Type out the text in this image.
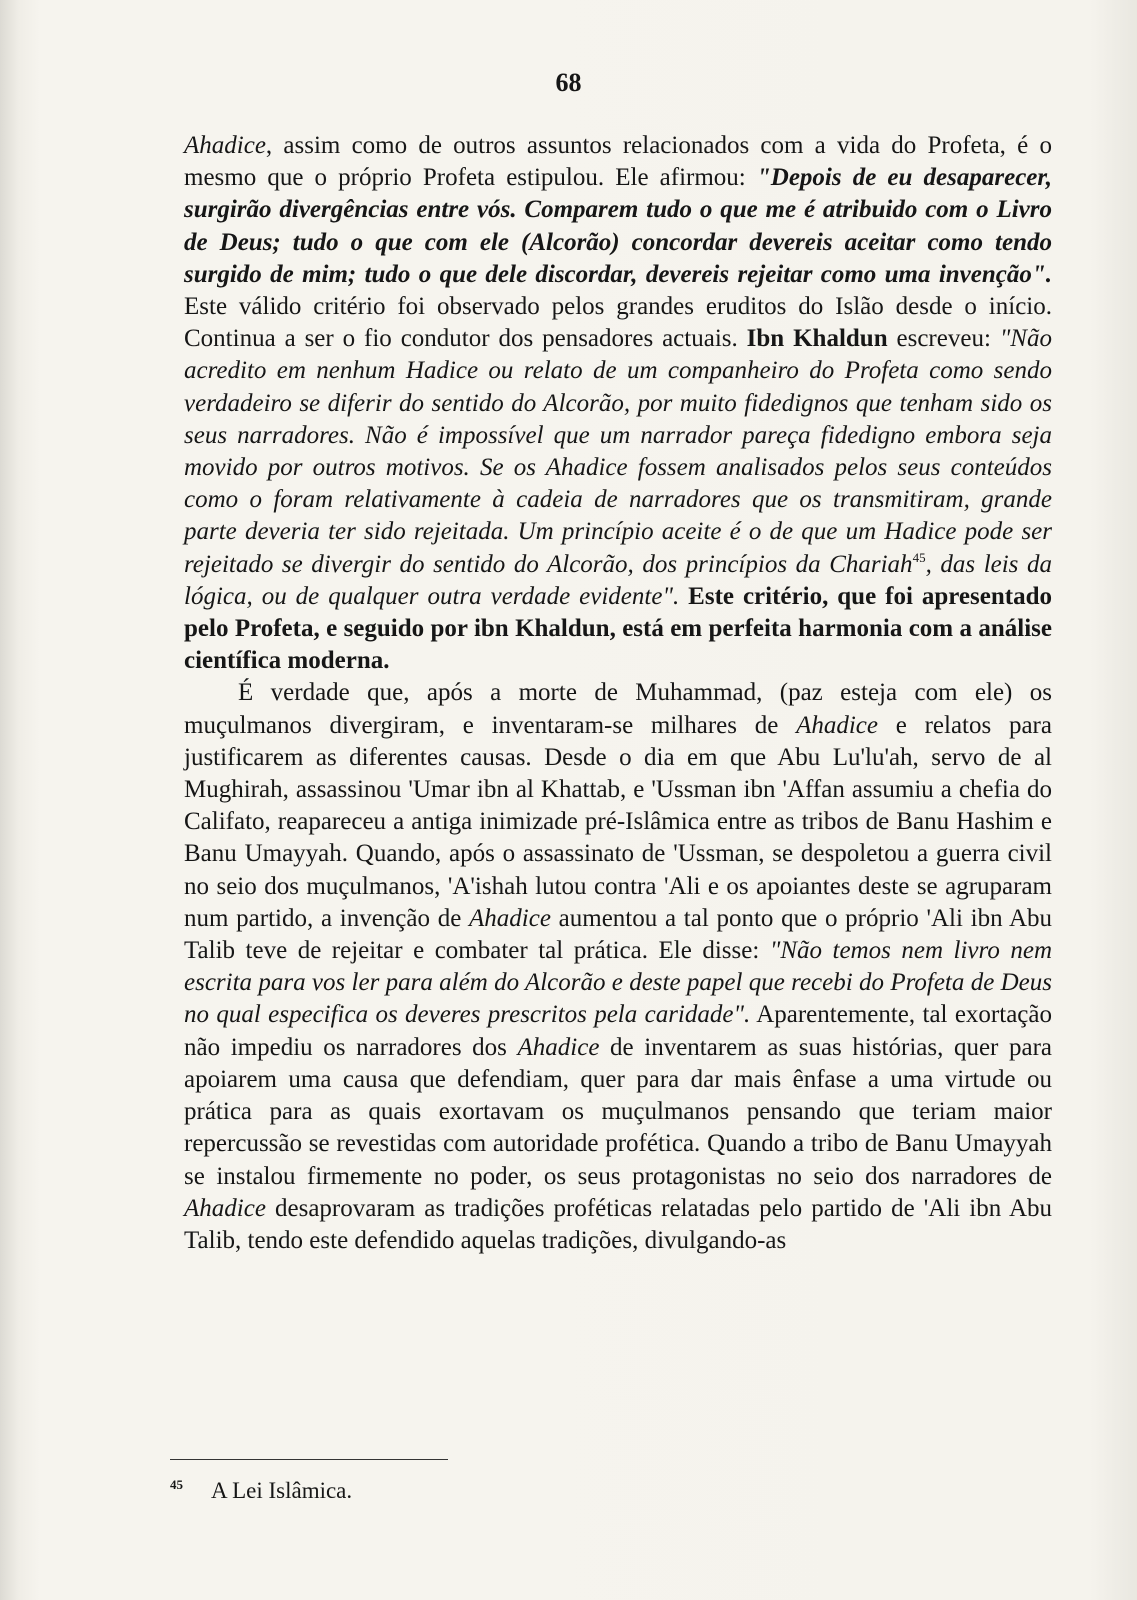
68

Ahadice, assim como de outros assuntos relacionados com a vida do Profeta, é o mesmo que o próprio Profeta estipulou. Ele afirmou: "Depois de eu desaparecer, surgirão divergências entre vós. Comparem tudo o que me é atribuido com o Livro de Deus; tudo o que com ele (Alcorão) concordar devereis aceitar como tendo surgido de mim; tudo o que dele discordar, devereis rejeitar como uma invenção". Este válido critério foi observado pelos grandes eruditos do Islão desde o início. Continua a ser o fio condutor dos pensadores actuais. Ibn Khaldun escreveu: "Não acredito em nenhum Hadice ou relato de um companheiro do Profeta como sendo verdadeiro se diferir do sentido do Alcorão, por muito fidedignos que tenham sido os seus narradores. Não é impossível que um narrador pareça fidedigno embora seja movido por outros motivos. Se os Ahadice fossem analisados pelos seus conteúdos como o foram relativamente à cadeia de narradores que os transmitiram, grande parte deveria ter sido rejeitada. Um princípio aceite é o de que um Hadice pode ser rejeitado se divergir do sentido do Alcorão, dos princípios da Chariah$^{45}$, das leis da lógica, ou de qualquer outra verdade evidente". Este critério, que foi apresentado pelo Profeta, e seguido por ibn Khaldun, está em perfeita harmonia com a análise científica moderna.

É verdade que, após a morte de Muhammad, (paz esteja com ele) os muçulmanos divergiram, e inventaram-se milhares de Ahadice e relatos para justificarem as diferentes causas. Desde o dia em que Abu Lu'lu'ah, servo de al Mughirah, assassinou 'Umar ibn al Khattab, e 'Ussman ibn 'Affan assumiu a chefia do Califato, reapareceu a antiga inimizade pré-Islâmica entre as tribos de Banu Hashim e Banu Umayyah. Quando, após o assassinato de 'Ussman, se despoletou a guerra civil no seio dos muçulmanos, 'A'ishah lutou contra 'Ali e os apoiantes deste se agruparam num partido, a invenção de Ahadice aumentou a tal ponto que o próprio 'Ali ibn Abu Talib teve de rejeitar e combater tal prática. Ele disse: "Não temos nem livro nem escrita para vos ler para além do Alcorão e deste papel que recebi do Profeta de Deus no qual especifica os deveres prescritos pela caridade". Aparentemente, tal exortação não impediu os narradores dos Ahadice de inventarem as suas histórias, quer para apoiarem uma causa que defendiam, quer para dar mais ênfase a uma virtude ou prática para as quais exortavam os muçulmanos pensando que teriam maior repercussão se revestidas com autoridade profética. Quando a tribo de Banu Umayyah se instalou firmemente no poder, os seus protagonistas no seio dos narradores de Ahadice desaprovaram as tradições proféticas relatadas pelo partido de 'Ali ibn Abu Talib, tendo este defendido aquelas tradições, divulgando-as

$^{45}$ A Lei Islâmica.
